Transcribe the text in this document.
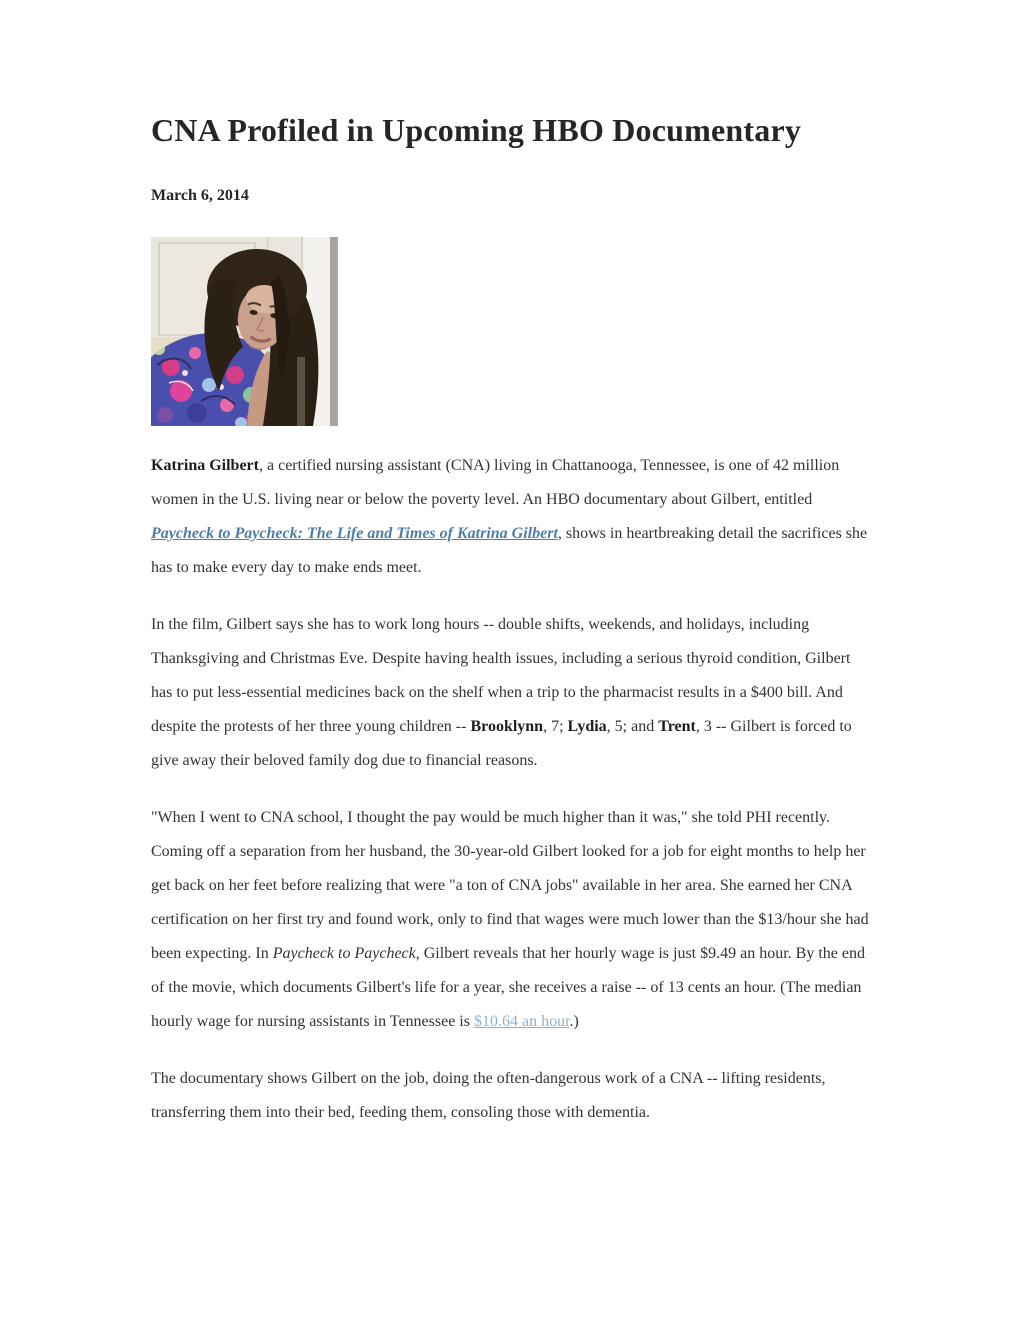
CNA Profiled in Upcoming HBO Documentary
March 6, 2014

Katrina Gilbert, a certified nursing assistant (CNA) living in Chattanooga, Tennessee, is one of 42 million women in the U.S. living near or below the poverty level. An HBO documentary about Gilbert, entitled Paycheck to Paycheck: The Life and Times of Katrina Gilbert, shows in heartbreaking detail the sacrifices she has to make every day to make ends meet.

In the film, Gilbert says she has to work long hours -- double shifts, weekends, and holidays, including Thanksgiving and Christmas Eve. Despite having health issues, including a serious thyroid condition, Gilbert has to put less-essential medicines back on the shelf when a trip to the pharmacist results in a $400 bill. And despite the protests of her three young children -- Brooklynn, 7; Lydia, 5; and Trent, 3 -- Gilbert is forced to give away their beloved family dog due to financial reasons.

"When I went to CNA school, I thought the pay would be much higher than it was," she told PHI recently. Coming off a separation from her husband, the 30-year-old Gilbert looked for a job for eight months to help her get back on her feet before realizing that were "a ton of CNA jobs" available in her area. She earned her CNA certification on her first try and found work, only to find that wages were much lower than the $13/hour she had been expecting. In Paycheck to Paycheck, Gilbert reveals that her hourly wage is just $9.49 an hour. By the end of the movie, which documents Gilbert's life for a year, she receives a raise -- of 13 cents an hour. (The median hourly wage for nursing assistants in Tennessee is $10.64 an hour.)

The documentary shows Gilbert on the job, doing the often-dangerous work of a CNA -- lifting residents, transferring them into their bed, feeding them, consoling those with dementia.
